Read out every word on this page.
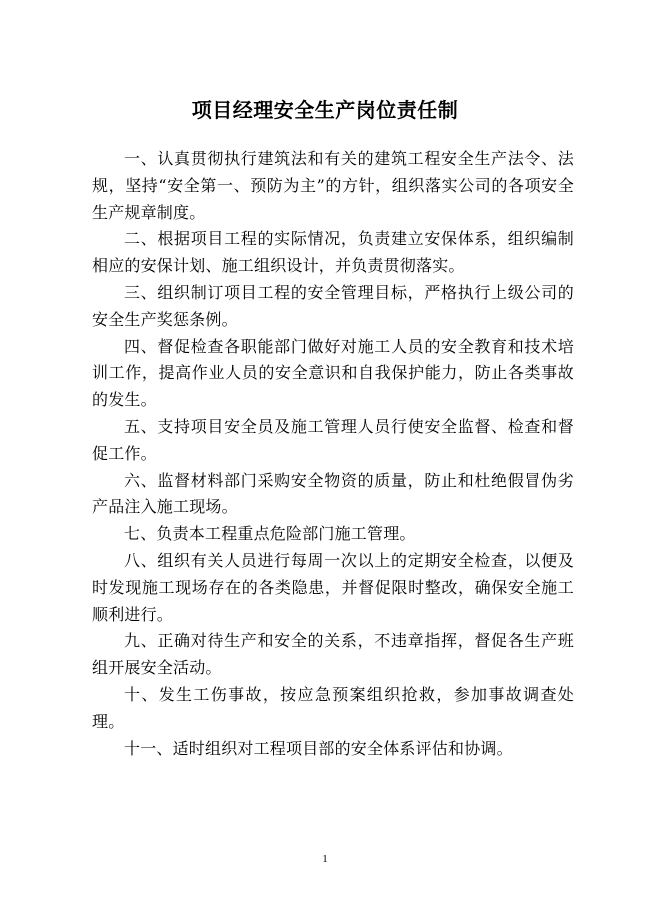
项目经理安全生产岗位责任制

一、认真贯彻执行建筑法和有关的建筑工程安全生产法令、法规，坚持“安全第一、预防为主”的方针，组织落实公司的各项安全生产规章制度。

二、根据项目工程的实际情况，负责建立安保体系，组织编制相应的安保计划、施工组织设计，并负责贯彻落实。

三、组织制订项目工程的安全管理目标，严格执行上级公司的安全生产奖惩条例。

四、督促检查各职能部门做好对施工人员的安全教育和技术培训工作，提高作业人员的安全意识和自我保护能力，防止各类事故的发生。

五、支持项目安全员及施工管理人员行使安全监督、检查和督促工作。

六、监督材料部门采购安全物资的质量，防止和杜绝假冒伪劣产品注入施工现场。

七、负责本工程重点危险部门施工管理。

八、组织有关人员进行每周一次以上的定期安全检查，以便及时发现施工现场存在的各类隐患，并督促限时整改，确保安全施工顺利进行。

九、正确对待生产和安全的关系，不违章指挥，督促各生产班组开展安全活动。

十、发生工伤事故，按应急预案组织抢救，参加事故调查处理。

十一、适时组织对工程项目部的安全体系评估和协调。

1
